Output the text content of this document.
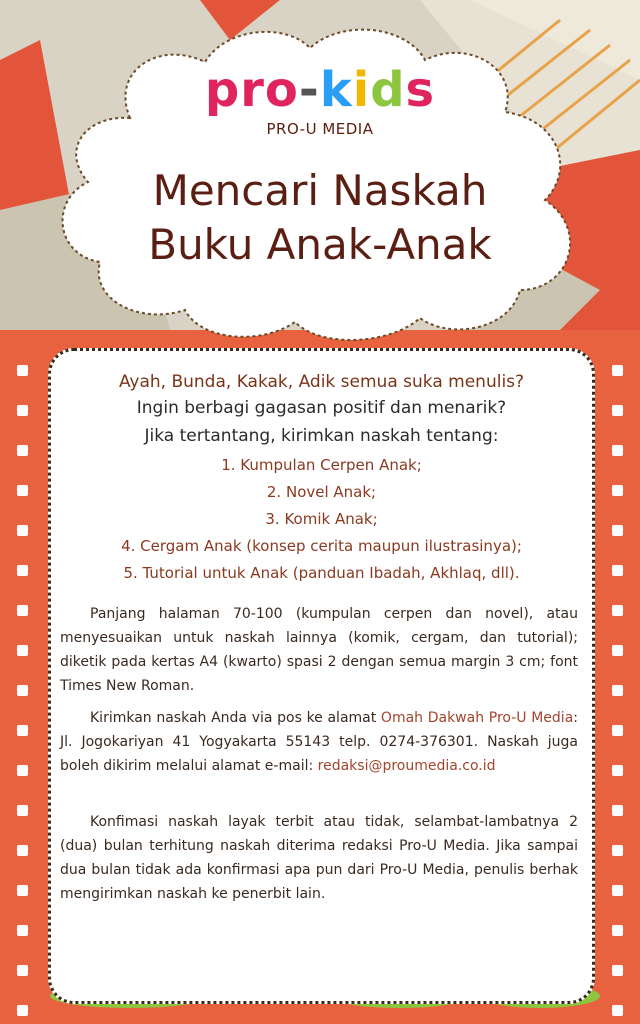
pro-kids
PRO-U MEDIA
Mencari Naskah
Buku Anak-Anak
Ayah, Bunda, Kakak, Adik semua suka menulis?
Ingin berbagi gagasan positif dan menarik?
Jika tertantang, kirimkan naskah tentang:
1. Kumpulan Cerpen Anak;
2. Novel Anak;
3. Komik Anak;
4. Cergam Anak (konsep cerita maupun ilustrasinya);
5. Tutorial untuk Anak (panduan Ibadah, Akhlaq, dll).
Panjang halaman 70-100 (kumpulan cerpen dan novel), atau menyesuaikan untuk naskah lainnya (komik, cergam, dan tutorial); diketik pada kertas A4 (kwarto) spasi 2 dengan semua margin 3 cm; font Times New Roman.
Kirimkan naskah Anda via pos ke alamat Omah Dakwah Pro-U Media: Jl. Jogokariyan 41 Yogyakarta 55143 telp. 0274-376301. Naskah juga boleh dikirim melalui alamat e-mail: redaksi@proumedia.co.id
Konfimasi naskah layak terbit atau tidak, selambat-lambatnya 2 (dua) bulan terhitung naskah diterima redaksi Pro-U Media. Jika sampai dua bulan tidak ada konfirmasi apa pun dari Pro-U Media, penulis berhak mengirimkan naskah ke penerbit lain.
